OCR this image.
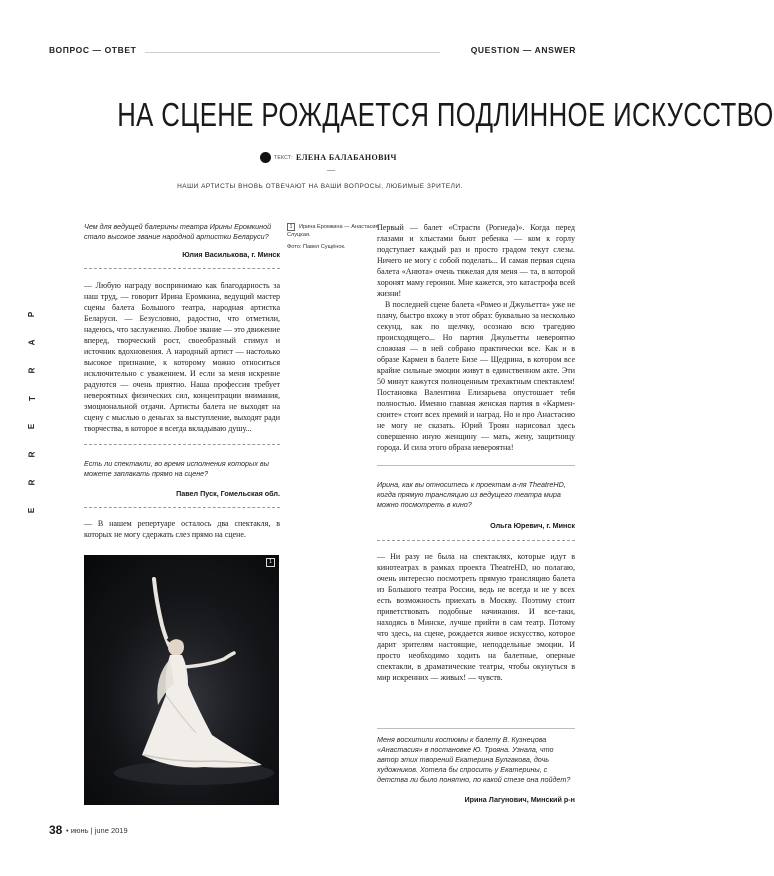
ВОПРОС — ОТВЕТ	QUESTION — ANSWER
НА СЦЕНЕ РОЖДАЕТСЯ ПОДЛИННОЕ ИСКУССТВО
ТЕКСТ: ЕЛЕНА БАЛАБАНОВИЧ
—
НАШИ АРТИСТЫ ВНОВЬ ОТВЕЧАЮТ НА ВАШИ ВОПРОСЫ, ЛЮБИМЫЕ ЗРИТЕЛИ.
P
A
R
T
E
R
R
E

Чем для ведущей балерины театра Ирины Еромкиной стало высокое звание народной артистки Беларуси?

Юлия Василькова, г. Минск

— Любую награду воспринимаю как благодарность за наш труд, — говорит Ирина Еромкина, ведущий мастер сцены балета Большого театра, народная артистка Беларуси. — Безусловно, радостно, что отметили, надеюсь, что заслуженно. Любое звание — это движение вперед, творческий рост, своеобразный стимул и источник вдохновения. А народный артист — настолько высокое признание, к которому можно относиться исключительно с уважением. И если за меня искренне радуются — очень приятно. Наша профессия требует невероятных физических сил, концентрации внимания, эмоциональной отдачи. Артисты балета не выходят на сцену с мыслью о деньгах за выступление, выходят ради творчества, в которое я всегда вкладываю душу...

Есть ли спектакли, во время исполнения которых вы можете заплакать прямо на сцене?

Павел Пуск, Гомельская обл.

— В нашем репертуаре осталось два спектакля, в которых не могу сдержать слез прямо на сцене.

1 Ирина Еромкина — Анастасия Слуцкая.
Фото: Павел Сущёнок.

Первый — балет «Страсти (Рогнеда)». Когда перед глазами и хлыстами бьют ребенка — ком к горлу подступает каждый раз и просто градом текут слезы. Ничего не могу с собой поделать... И самая первая сцена балета «Анюта» очень тяжелая для меня — та, в которой хоронят маму героини. Мне кажется, это катастрофа всей жизни!

В последней сцене балета «Ромео и Джульетта» уже не плачу, быстро вхожу в этот образ: буквально за несколько секунд, как по щелчку, осознаю всю трагедию происходящего... Но партия Джульетты невероятно сложная — в ней собрано практически все. Как и в образе Кармен в балете Бизе — Щедрина, в котором все крайне сильные эмоции живут в единственном акте. Эти 50 минут кажутся полноценным трехактным спектаклем! Постановка Валентина Елизарьева опустошает тебя полностью. Именно главная женская партия в «Кармен-сюите» стоит всех премий и наград. Но и про Анастасию не могу не сказать. Юрий Троян нарисовал здесь совершенно иную женщину — мать, жену, защитницу города. И сила этого образа невероятна!

Ирина, как вы относитесь к проектам а-ля TheatreHD, когда прямую трансляцию из ведущего театра мира можно посмотреть в кино?

Ольга Юревич, г. Минск

— Ни разу не была на спектаклях, которые идут в кинотеатрах в рамках проекта TheatreHD, но полагаю, очень интересно посмотреть прямую трансляцию балета из Большого театра России, ведь не всегда и не у всех есть возможность приехать в Москву. Поэтому стоит приветствовать подобные начинания. И все-таки, находясь в Минске, лучше прийти в сам театр. Потому что здесь, на сцене, рождается живое искусство, которое дарит зрителям настоящие, неподдельные эмоции. И просто необходимо ходить на балетные, оперные спектакли, в драматические театры, чтобы окунуться в мир искренних — живых! — чувств.

Меня восхитили костюмы к балету В. Кузнецова «Анастасия» в постановке Ю. Трояна. Узнала, что автор этих творений Екатерина Булгакова, дочь художников. Хотела бы спросить у Екатерины, с детства ли было понятно, по какой стезе она пойдет?

Ирина Лагунович, Минский р-н

1
38 • июнь | june 2019
